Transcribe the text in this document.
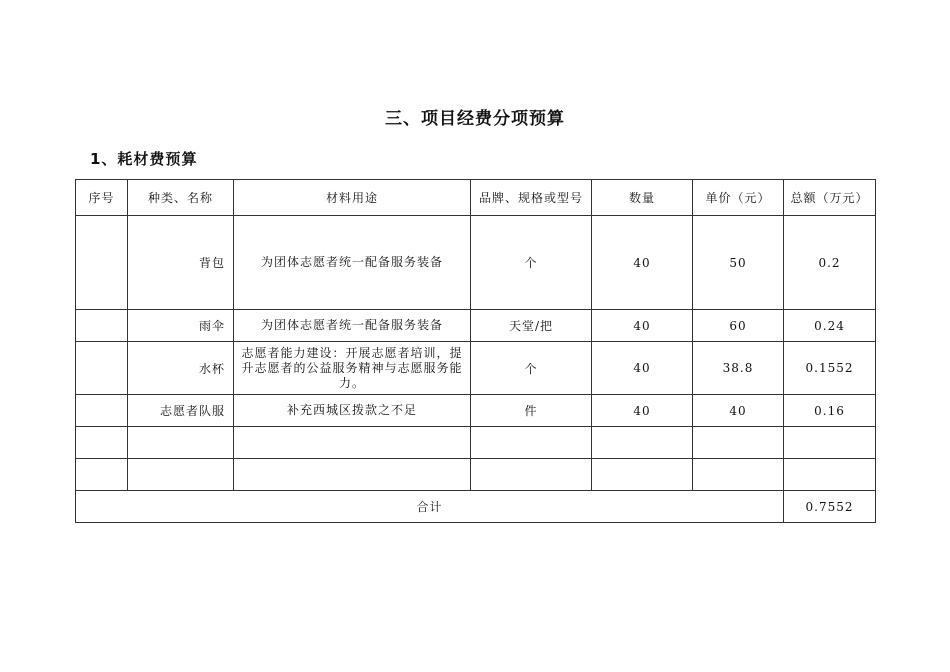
三、项目经费分项预算
1、耗材费预算
序号	种类、名称	材料用途	品牌、规格或型号	数量	单价（元）	总额（万元）
	背包	为团体志愿者统一配备服务装备	个	40	50	0.2
	雨伞	为团体志愿者统一配备服务装备	天堂/把	40	60	0.24
	水杯	志愿者能力建设：开展志愿者培训，提升志愿者的公益服务精神与志愿服务能力。	个	40	38.8	0.1552
	志愿者队服	补充西城区拨款之不足	件	40	40	0.16

合计						0.7552
